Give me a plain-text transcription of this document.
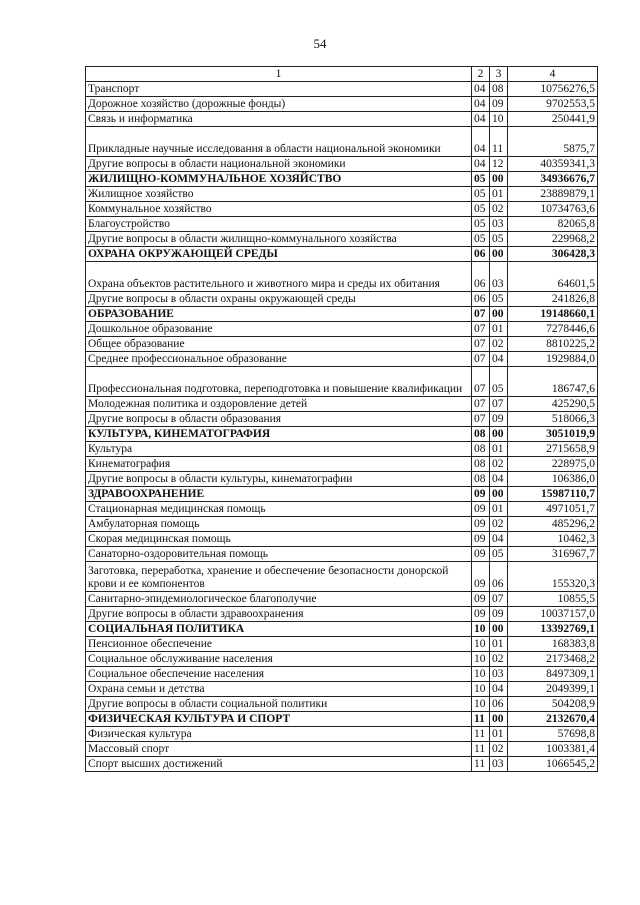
54
1	2	3	4
Транспорт	04	08	10756276,5
Дорожное хозяйство (дорожные фонды)	04	09	9702553,5
Связь и информатика	04	10	250441,9
Прикладные научные исследования в области национальной экономики	04	11	5875,7
Другие вопросы в области национальной экономики	04	12	40359341,3
ЖИЛИЩНО-КОММУНАЛЬНОЕ ХОЗЯЙСТВО	05	00	34936676,7
Жилищное хозяйство	05	01	23889879,1
Коммунальное хозяйство	05	02	10734763,6
Благоустройство	05	03	82065,8
Другие вопросы в области жилищно-коммунального хозяйства	05	05	229968,2
ОХРАНА ОКРУЖАЮЩЕЙ СРЕДЫ	06	00	306428,3
Охрана объектов растительного и животного мира и среды их обитания	06	03	64601,5
Другие вопросы в области охраны окружающей среды	06	05	241826,8
ОБРАЗОВАНИЕ	07	00	19148660,1
Дошкольное образование	07	01	7278446,6
Общее образование	07	02	8810225,2
Среднее профессиональное образование	07	04	1929884,0
Профессиональная подготовка, переподготовка и повышение квалификации	07	05	186747,6
Молодежная политика и оздоровление детей	07	07	425290,5
Другие вопросы в области образования	07	09	518066,3
КУЛЬТУРА, КИНЕМАТОГРАФИЯ	08	00	3051019,9
Культура	08	01	2715658,9
Кинематография	08	02	228975,0
Другие вопросы в области культуры, кинематографии	08	04	106386,0
ЗДРАВООХРАНЕНИЕ	09	00	15987110,7
Стационарная медицинская помощь	09	01	4971051,7
Амбулаторная помощь	09	02	485296,2
Скорая медицинская помощь	09	04	10462,3
Санаторно-оздоровительная помощь	09	05	316967,7
Заготовка, переработка, хранение и обеспечение безопасности донорской крови и ее компонентов	09	06	155320,3
Санитарно-эпидемиологическое благополучие	09	07	10855,5
Другие вопросы в области здравоохранения	09	09	10037157,0
СОЦИАЛЬНАЯ ПОЛИТИКА	10	00	13392769,1
Пенсионное обеспечение	10	01	168383,8
Социальное обслуживание населения	10	02	2173468,2
Социальное обеспечение населения	10	03	8497309,1
Охрана семьи и детства	10	04	2049399,1
Другие вопросы в области социальной политики	10	06	504208,9
ФИЗИЧЕСКАЯ КУЛЬТУРА И СПОРТ	11	00	2132670,4
Физическая культура	11	01	57698,8
Массовый спорт	11	02	1003381,4
Спорт высших достижений	11	03	1066545,2
